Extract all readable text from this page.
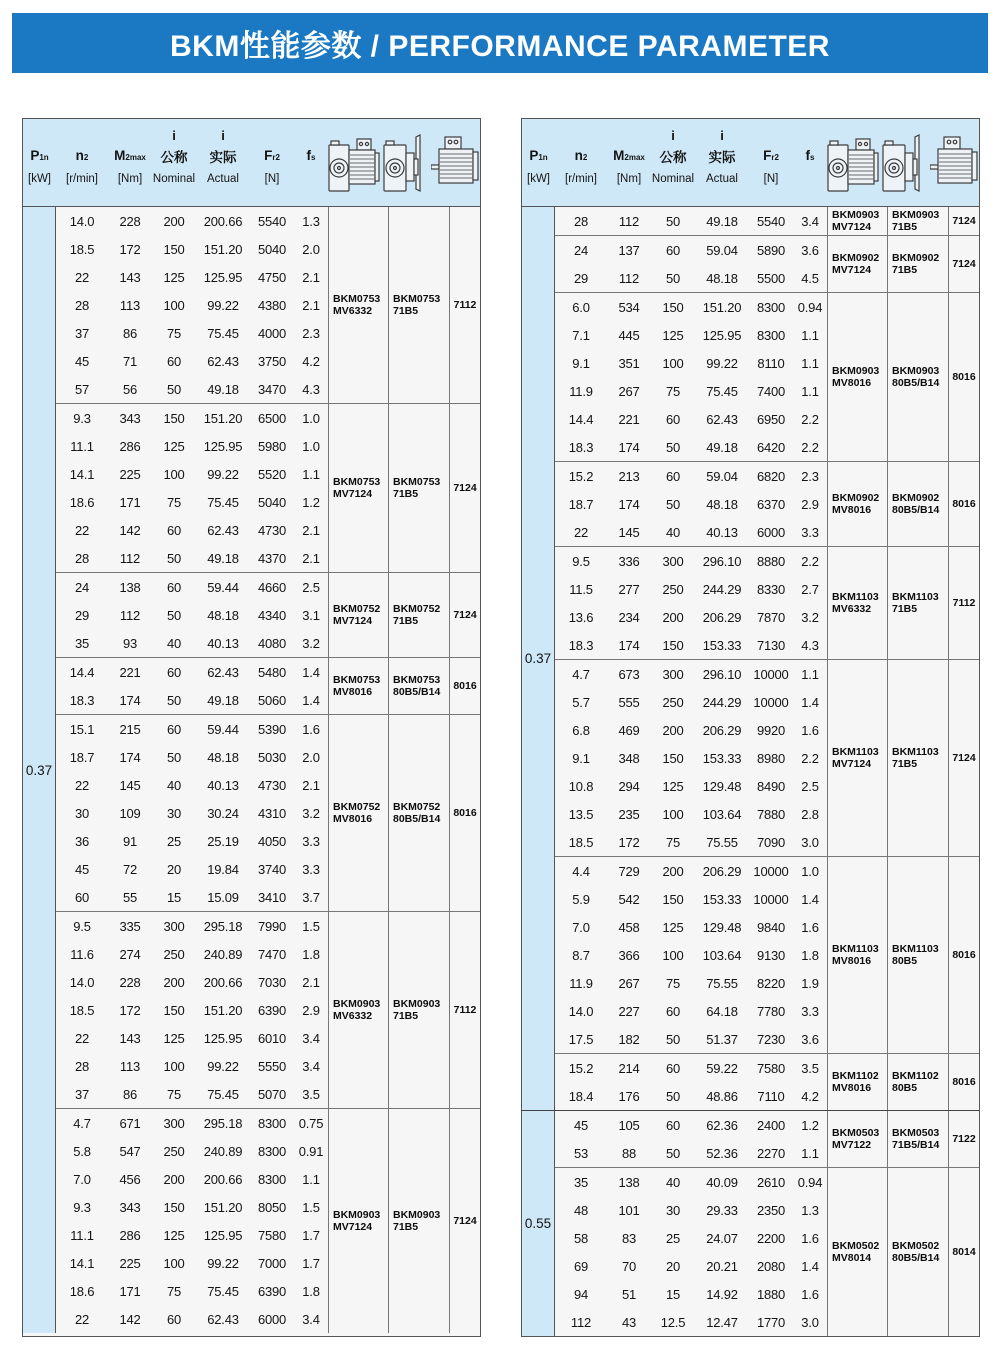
BKM性能参数 / PERFORMANCE PARAMETER
$P_{1n}$
[kW]
$n_2$
[r/min]
$M_{2max}$
[Nm]
i
公称
Nominal
i
实际
Actual
$F_{r2}$
[N]
$f_s$
0.37
14.0	228	200	200.66	5540	1.3
18.5	172	150	151.20	5040	2.0
22	143	125	125.95	4750	2.1
28	113	100	99.22	4380	2.1
37	86	75	75.45	4000	2.3
45	71	60	62.43	3750	4.2
57	56	50	49.18	3470	4.3
BKM0753
MV6332
BKM0753
71B5	7112
9.3	343	150	151.20	6500	1.0
11.1	286	125	125.95	5980	1.0
14.1	225	100	99.22	5520	1.1
18.6	171	75	75.45	5040	1.2
22	142	60	62.43	4730	2.1
28	112	50	49.18	4370	2.1
BKM0753
MV7124
BKM0753
71B5	7124
24	138	60	59.44	4660	2.5
29	112	50	48.18	4340	3.1
35	93	40	40.13	4080	3.2
BKM0752
MV7124
BKM0752
71B5	7124
14.4	221	60	62.43	5480	1.4
18.3	174	50	49.18	5060	1.4
BKM0753
MV8016
BKM0753
80B5/B14	8016
15.1	215	60	59.44	5390	1.6
18.7	174	50	48.18	5030	2.0
22	145	40	40.13	4730	2.1
30	109	30	30.24	4310	3.2
36	91	25	25.19	4050	3.3
45	72	20	19.84	3740	3.3
60	55	15	15.09	3410	3.7
BKM0752
MV8016
BKM0752
80B5/B14	8016
9.5	335	300	295.18	7990	1.5
11.6	274	250	240.89	7470	1.8
14.0	228	200	200.66	7030	2.1
18.5	172	150	151.20	6390	2.9
22	143	125	125.95	6010	3.4
28	113	100	99.22	5550	3.4
37	86	75	75.45	5070	3.5
BKM0903
MV6332
BKM0903
71B5	7112
4.7	671	300	295.18	8300 0.75
5.8	547	250	240.89	8300 0.91
7.0	456	200	200.66	8300	1.1
9.3	343	150	151.20	8050	1.5
11.1	286	125	125.95	7580	1.7
14.1	225	100	99.22	7000	1.7
18.6	171	75	75.45	6390	1.8
22	142	60	62.43	6000	3.4
BKM0903
MV7124
BKM0903
71B5	7124
$P_{1n}$
[kW]
$n_2$
[r/min]
$M_{2max}$
[Nm]
i
公称
Nominal
i
实际
Actual
$F_{r2}$
[N]
$f_s$
0.37
28	112	50	49.18	5540	3.4	BKM0903
MV7124
BKM0903
71B5	7124
24	137	60	59.04	5890	3.6
29	112	50	48.18	5500	4.5
BKM0902
MV7124
BKM0902
71B5	7124
6.0	534	150	151.20	8300 0.94
7.1	445	125	125.95	8300	1.1
9.1	351	100	99.22	8110	1.1
11.9	267	75	75.45	7400	1.1
14.4	221	60	62.43	6950	2.2
18.3	174	50	49.18	6420	2.2
BKM0903
MV8016
BKM0903
80B5/B14	8016
15.2	213	60	59.04	6820	2.3
18.7	174	50	48.18	6370	2.9
22	145	40	40.13	6000	3.3
BKM0902
MV8016
BKM0902
80B5/B14	8016
9.5	336	300	296.10	8880	2.2
11.5	277	250	244.29	8330	2.7
13.6	234	200	206.29	7870	3.2
18.3	174	150	153.33	7130	4.3
BKM1103
MV6332
BKM1103
71B5	7112
4.7	673	300	296.10 10000 1.1
5.7	555	250	244.29 10000 1.4
6.8	469	200	206.29	9920	1.6
9.1	348	150	153.33	8980	2.2
10.8	294	125	129.48	8490	2.5
13.5	235	100	103.64	7880	2.8
18.5	172	75	75.55	7090	3.0
BKM1103
MV7124
BKM1103
71B5	7124
4.4	729	200	206.29 10000 1.0
5.9	542	150	153.33 10000 1.4
7.0	458	125	129.48	9840	1.6
8.7	366	100	103.64	9130	1.8
11.9	267	75	75.55	8220	1.9
14.0	227	60	64.18	7780	3.3
17.5	182	50	51.37	7230	3.6
BKM1103
MV8016
BKM1103
80B5	8016
15.2	214	60	59.22	7580	3.5
18.4	176	50	48.86	7110	4.2
BKM1102
MV8016
BKM1102
80B5	8016
0.55
45	105	60	62.36	2400	1.2
53	88	50	52.36	2270	1.1
BKM0503
MV7122
BKM0503
71B5/B14	7122
35	138	40	40.09	2610 0.94
48	101	30	29.33	2350	1.3
58	83	25	24.07	2200	1.6
69	70	20	20.21	2080	1.4
94	51	15	14.92	1880	1.6
112	43	12.5	12.47	1770	3.0
BKM0502
MV8014
BKM0502
80B5/B14	8014
